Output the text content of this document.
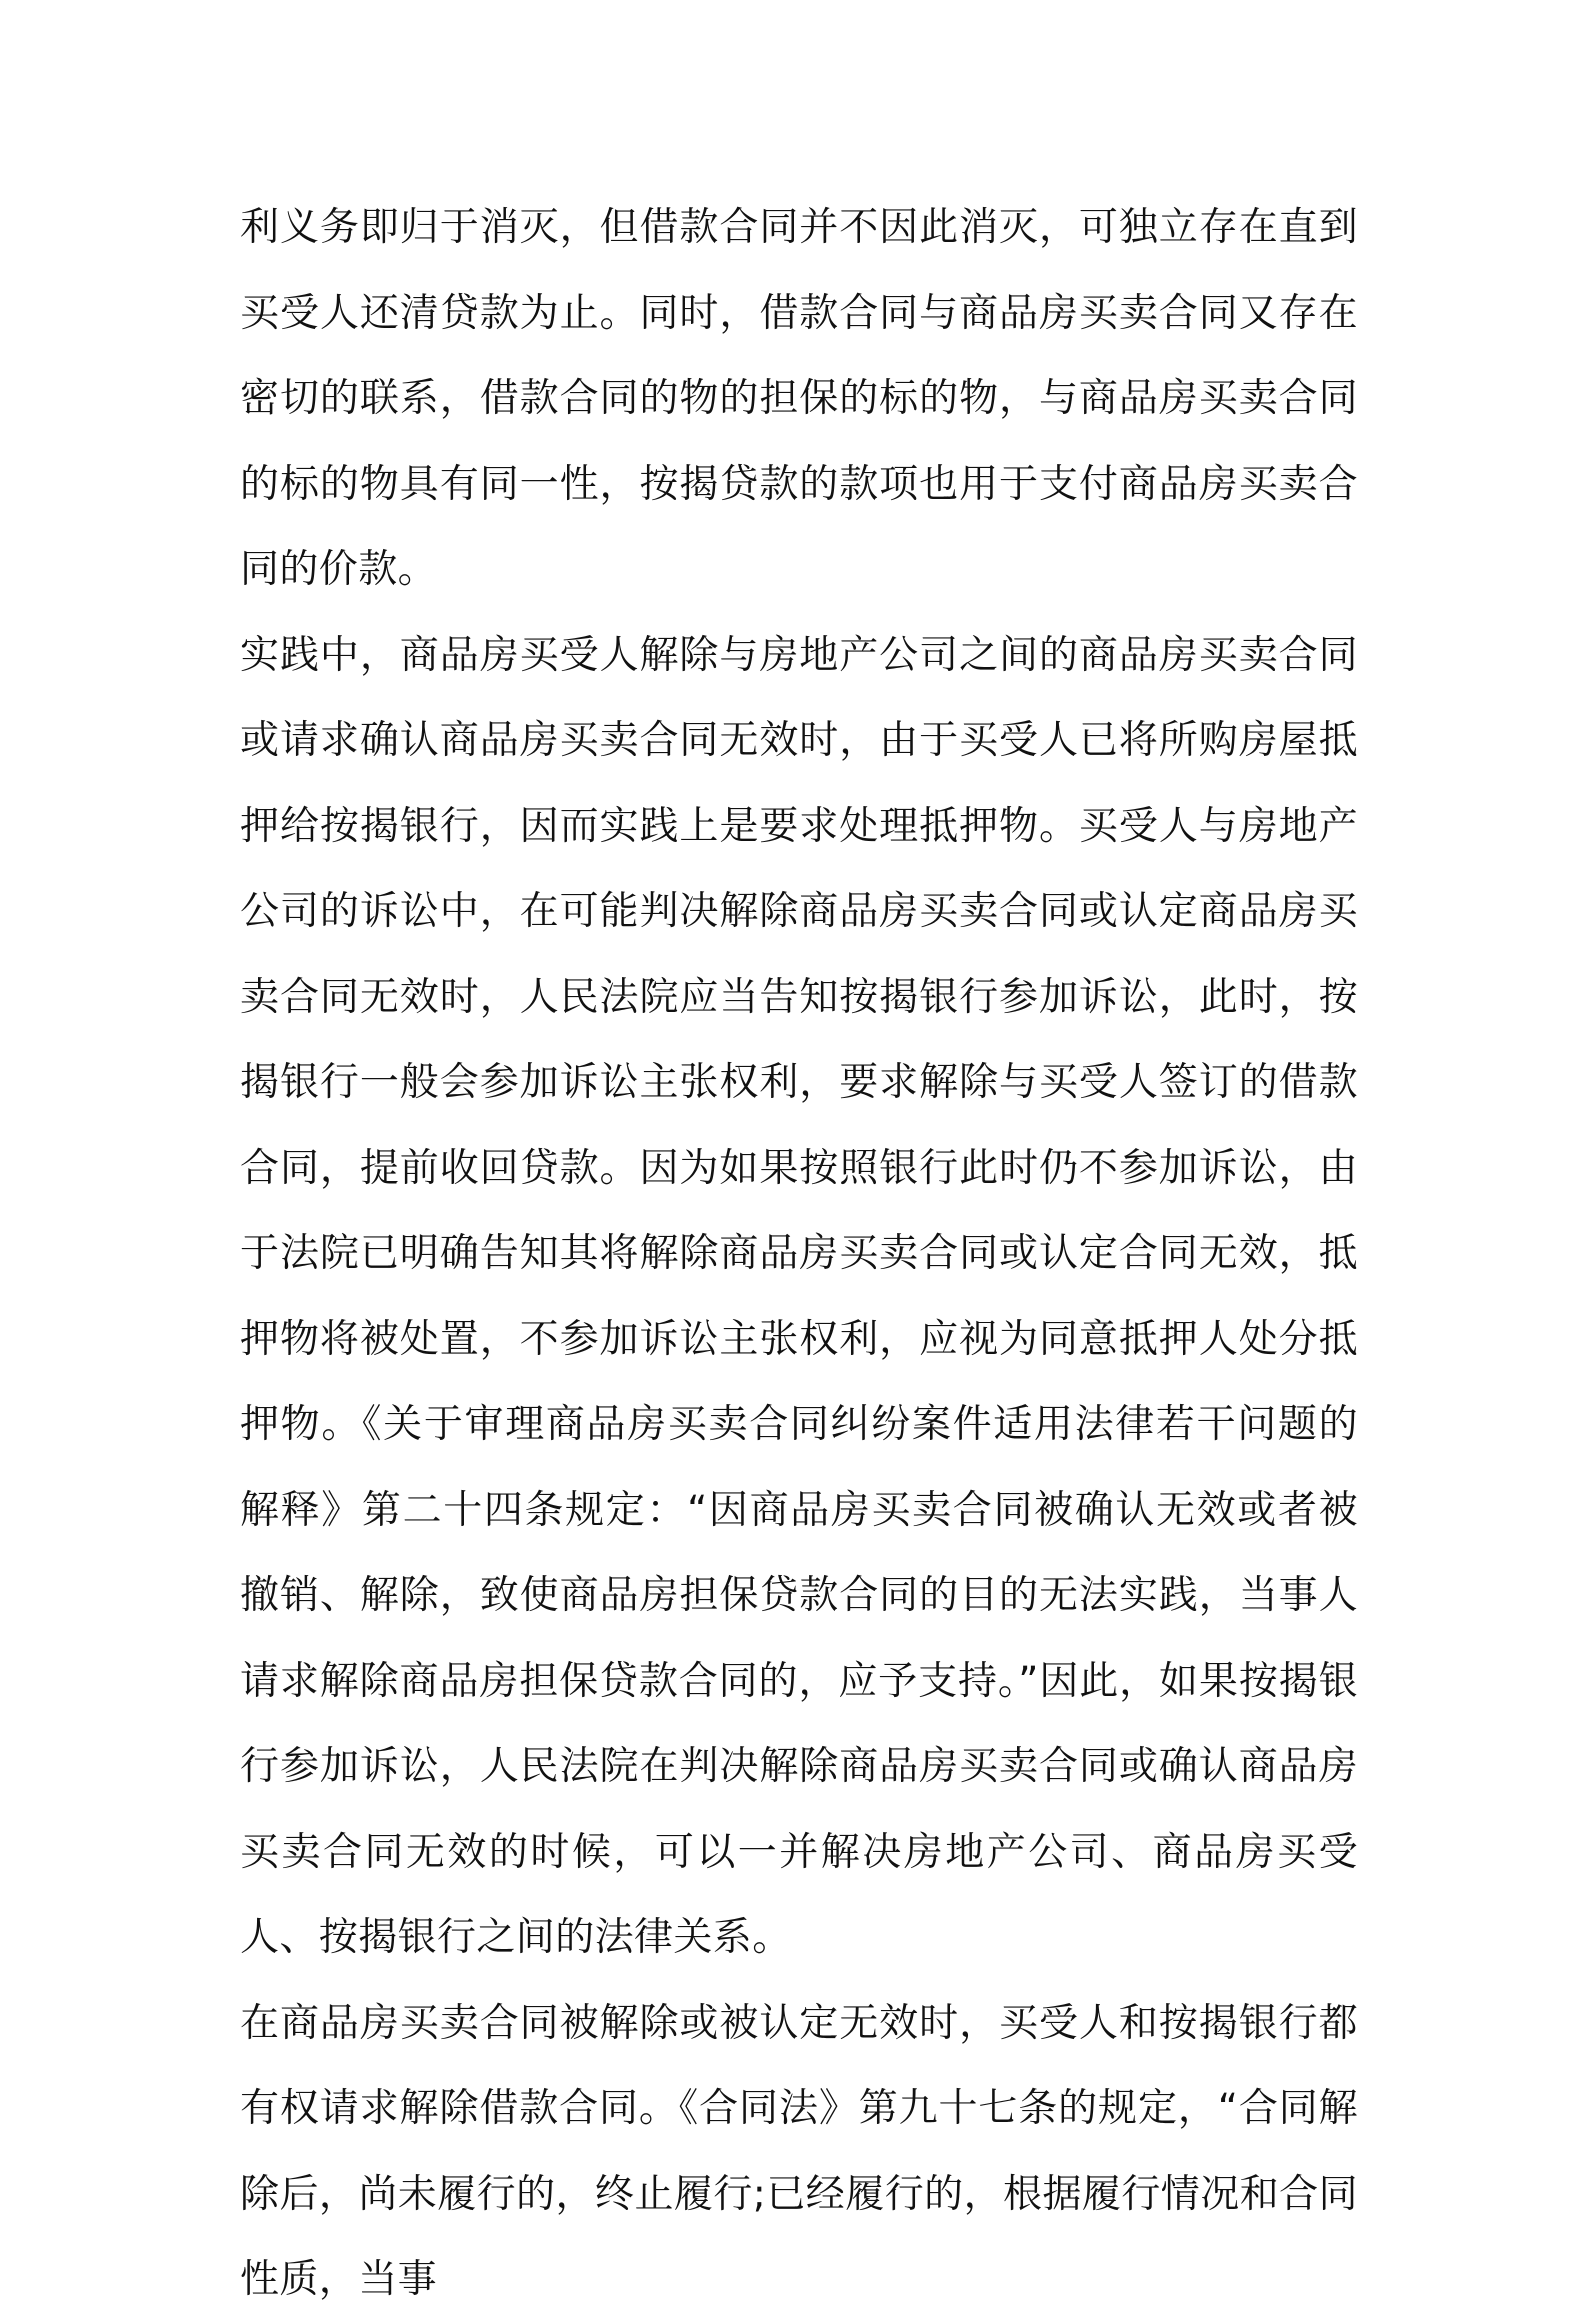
利义务即归于消灭，但借款合同并不因此消灭，可独立存在直到买受人还清贷款为止。同时，借款合同与商品房买卖合同又存在密切的联系，借款合同的物的担保的标的物，与商品房买卖合同的标的物具有同一性，按揭贷款的款项也用于支付商品房买卖合同的价款。

实践中，商品房买受人解除与房地产公司之间的商品房买卖合同或请求确认商品房买卖合同无效时，由于买受人已将所购房屋抵押给按揭银行，因而实践上是要求处理抵押物。买受人与房地产公司的诉讼中，在可能判决解除商品房买卖合同或认定商品房买卖合同无效时，人民法院应当告知按揭银行参加诉讼，此时，按揭银行一般会参加诉讼主张权利，要求解除与买受人签订的借款合同，提前收回贷款。因为如果按照银行此时仍不参加诉讼，由于法院已明确告知其将解除商品房买卖合同或认定合同无效，抵押物将被处置，不参加诉讼主张权利，应视为同意抵押人处分抵押物。《关于审理商品房买卖合同纠纷案件适用法律若干问题的解释》第二十四条规定：“因商品房买卖合同被确认无效或者被撤销、解除，致使商品房担保贷款合同的目的无法实践，当事人请求解除商品房担保贷款合同的，应予支持。”因此，如果按揭银行参加诉讼，人民法院在判决解除商品房买卖合同或确认商品房买卖合同无效的时候，可以一并解决房地产公司、商品房买受人、按揭银行之间的法律关系。

在商品房买卖合同被解除或被认定无效时，买受人和按揭银行都有权请求解除借款合同。《合同法》第九十七条的规定，“合同解除后，尚未履行的，终止履行;已经履行的，根据履行情况和合同性质，当事
